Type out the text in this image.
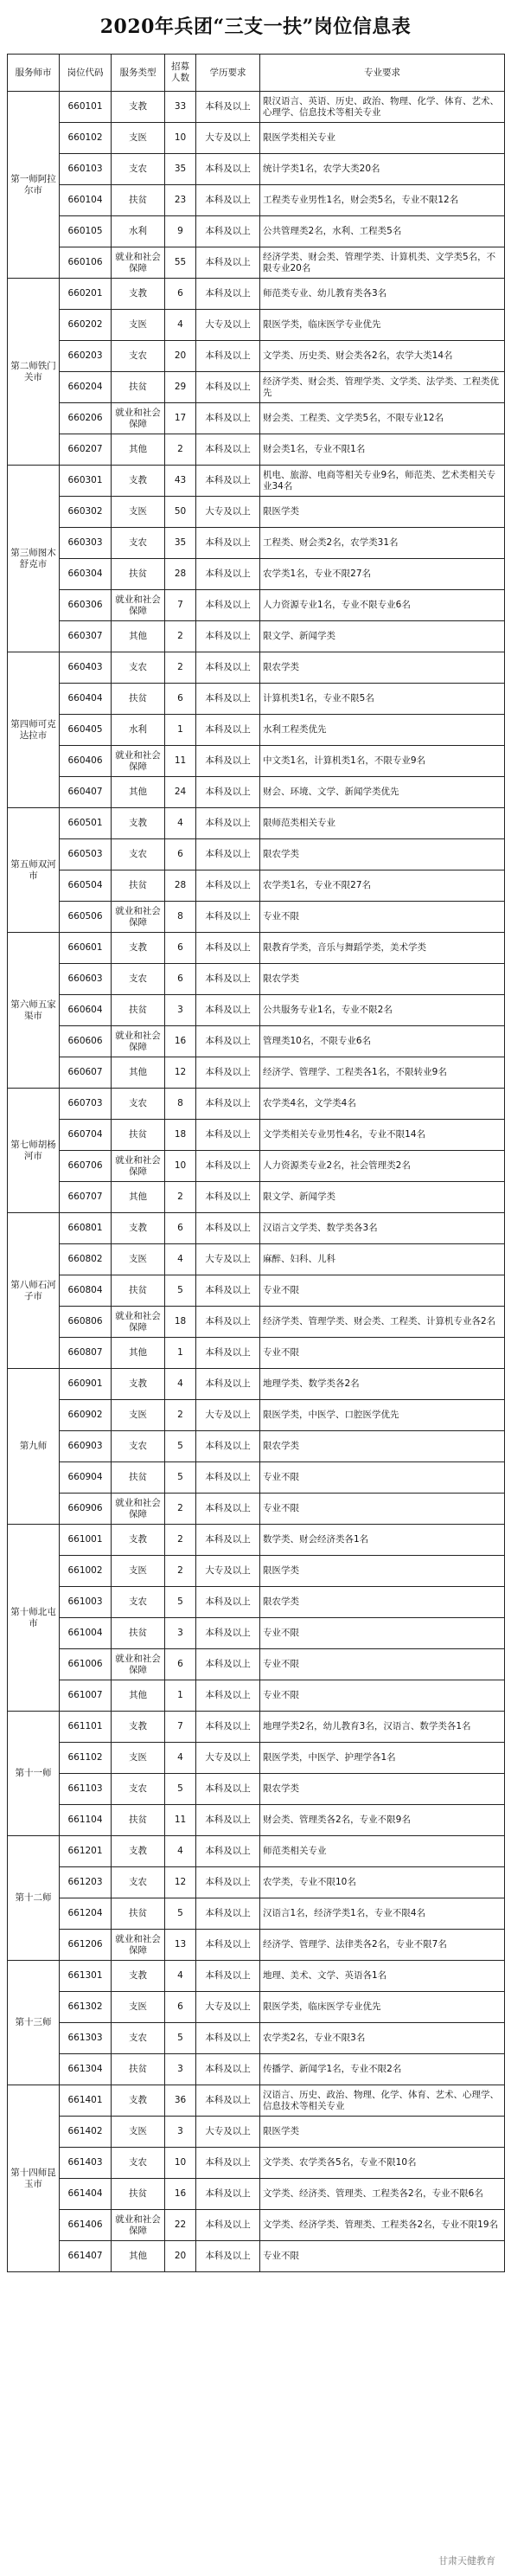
2020年兵团“三支一扶”岗位信息表
服务师市	岗位代码	服务类型	招募人数	学历要求	专业要求
第一师阿拉尔市	660101	支教	33	本科及以上	限汉语言、英语、历史、政治、物理、化学、体育、艺术、心理学、信息技术等相关专业
	660102	支医	10	大专及以上	限医学类相关专业
	660103	支农	35	本科及以上	统计学类1名，农学大类20名
	660104	扶贫	23	本科及以上	工程类专业男性1名，财会类5名，专业不限12名
	660105	水利	9	本科及以上	公共管理类2名，水利、工程类5名
	660106	就业和社会保障	55	本科及以上	经济学类、财会类、管理学类、计算机类、文学类5名，不限专业20名
第二师铁门关市	660201	支教	6	本科及以上	师范类专业、幼儿教育类各3名
	660202	支医	4	大专及以上	限医学类，临床医学专业优先
	660203	支农	20	本科及以上	文学类、历史类、财会类各2名，农学大类14名
	660204	扶贫	29	本科及以上	经济学类、财会类、管理学类、文学类、法学类、工程类优先
	660206	就业和社会保障	17	本科及以上	财会类、工程类、文学类5名，不限专业12名
	660207	其他	2	本科及以上	财会类1名，专业不限1名
第三师图木舒克市	660301	支教	43	本科及以上	机电、旅游、电商等相关专业9名，师范类、艺术类相关专业34名
	660302	支医	50	大专及以上	限医学类
	660303	支农	35	本科及以上	工程类、财会类2名，农学类31名
	660304	扶贫	28	本科及以上	农学类1名，专业不限27名
	660306	就业和社会保障	7	本科及以上	人力资源专业1名，专业不限专业6名
	660307	其他	2	本科及以上	限文学、新闻学类
第四师可克达拉市	660403	支农	2	本科及以上	限农学类
	660404	扶贫	6	本科及以上	计算机类1名，专业不限5名
	660405	水利	1	本科及以上	水利工程类优先
	660406	就业和社会保障	11	本科及以上	中文类1名，计算机类1名，不限专业9名
	660407	其他	24	本科及以上	财会、环境、文学、新闻学类优先
第五师双河市	660501	支教	4	本科及以上	限师范类相关专业
	660503	支农	6	本科及以上	限农学类
	660504	扶贫	28	本科及以上	农学类1名，专业不限27名
	660506	就业和社会保障	8	本科及以上	专业不限
第六师五家渠市	660601	支教	6	本科及以上	限教育学类，音乐与舞蹈学类，美术学类
	660603	支农	6	本科及以上	限农学类
	660604	扶贫	3	本科及以上	公共服务专业1名，专业不限2名
	660606	就业和社会保障	16	本科及以上	管理类10名，不限专业6名
	660607	其他	12	本科及以上	经济学、管理学、工程类各1名，不限转业9名
第七师胡杨河市	660703	支农	8	本科及以上	农学类4名，文学类4名
	660704	扶贫	18	本科及以上	文学类相关专业男性4名，专业不限14名
	660706	就业和社会保障	10	本科及以上	人力资源类专业2名，社会管理类2名
	660707	其他	2	本科及以上	限文学、新闻学类
第八师石河子市	660801	支教	6	本科及以上	汉语言文学类、数学类各3名
	660802	支医	4	大专及以上	麻醉、妇科、儿科
	660804	扶贫	5	本科及以上	专业不限
	660806	就业和社会保障	18	本科及以上	经济学类、管理学类、财会类、工程类、计算机专业各2名
	660807	其他	1	本科及以上	专业不限
第九师	660901	支教	4	本科及以上	地理学类、数学类各2名
	660902	支医	2	大专及以上	限医学类，中医学、口腔医学优先
	660903	支农	5	本科及以上	限农学类
	660904	扶贫	5	本科及以上	专业不限
	660906	就业和社会保障	2	本科及以上	专业不限
第十师北屯市	661001	支教	2	本科及以上	数学类、财会经济类各1名
	661002	支医	2	大专及以上	限医学类
	661003	支农	5	本科及以上	限农学类
	661004	扶贫	3	本科及以上	专业不限
	661006	就业和社会保障	6	本科及以上	专业不限
	661007	其他	1	本科及以上	专业不限
第十一师	661101	支教	7	本科及以上	地理学类2名，幼儿教育3名，汉语言、数学类各1名
	661102	支医	4	大专及以上	限医学类，中医学、护理学各1名
	661103	支农	5	本科及以上	限农学类
	661104	扶贫	11	本科及以上	财会类、管理类各2名，专业不限9名
第十二师	661201	支教	4	本科及以上	师范类相关专业
	661203	支农	12	本科及以上	农学类，专业不限10名
	661204	扶贫	5	本科及以上	汉语言1名，经济学类1名，专业不限4名
	661206	就业和社会保障	13	本科及以上	经济学、管理学、法律类各2名，专业不限7名
第十三师	661301	支教	4	本科及以上	地理、美术、文学、英语各1名
	661302	支医	6	大专及以上	限医学类，临床医学专业优先
	661303	支农	5	本科及以上	农学类2名，专业不限3名
	661304	扶贫	3	本科及以上	传播学、新闻学1名，专业不限2名
第十四师昆玉市	661401	支教	36	本科及以上	汉语言、历史、政治、物理、化学、体育、艺术、心理学、信息技术等相关专业
	661402	支医	3	大专及以上	限医学类
	661403	支农	10	本科及以上	文学类、农学类各5名，专业不限10名
	661404	扶贫	16	本科及以上	文学类、经济类、管理类、工程类各2名，专业不限6名
	661406	就业和社会保障	22	本科及以上	文学类、经济学类、管理类、工程类各2名，专业不限19名
	661407	其他	20	本科及以上	专业不限
甘肃天健教育
